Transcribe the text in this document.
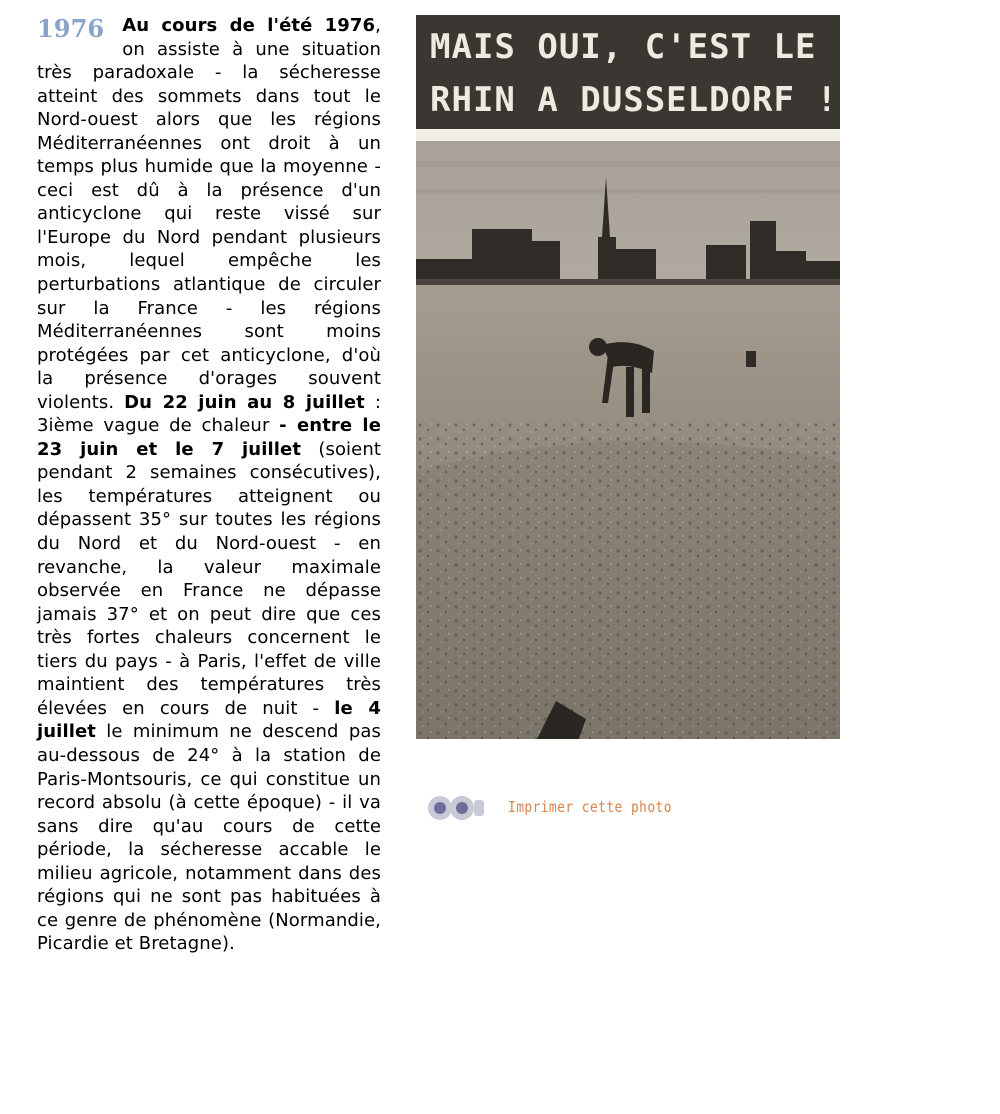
1976 Au cours de l'été 1976, on assiste à une situation très paradoxale - la sécheresse atteint des sommets dans tout le Nord-ouest alors que les régions Méditerranéennes ont droit à un temps plus humide que la moyenne - ceci est dû à la présence d'un anticyclone qui reste vissé sur l'Europe du Nord pendant plusieurs mois, lequel empêche les perturbations atlantique de circuler sur la France - les régions Méditerranéennes sont moins protégées par cet anticyclone, d'où la présence d'orages souvent violents. Du 22 juin au 8 juillet : 3ième vague de chaleur - entre le 23 juin et le 7 juillet (soient pendant 2 semaines consécutives), les températures atteignent ou dépassent 35° sur toutes les régions du Nord et du Nord-ouest - en revanche, la valeur maximale observée en France ne dépasse jamais 37° et on peut dire que ces très fortes chaleurs concernent le tiers du pays - à Paris, l'effet de ville maintient des températures très élevées en cours de nuit - le 4 juillet le minimum ne descend pas au-dessous de 24° à la station de Paris-Montsouris, ce qui constitue un record absolu (à cette époque) - il va sans dire qu'au cours de cette période, la sécheresse accable le milieu agricole, notamment dans des régions qui ne sont pas habituées à ce genre de phénomène (Normandie, Picardie et Bretagne).
MAIS OUI, C'EST LE
RHIN A DUSSELDORF !
Imprimer cette photo
